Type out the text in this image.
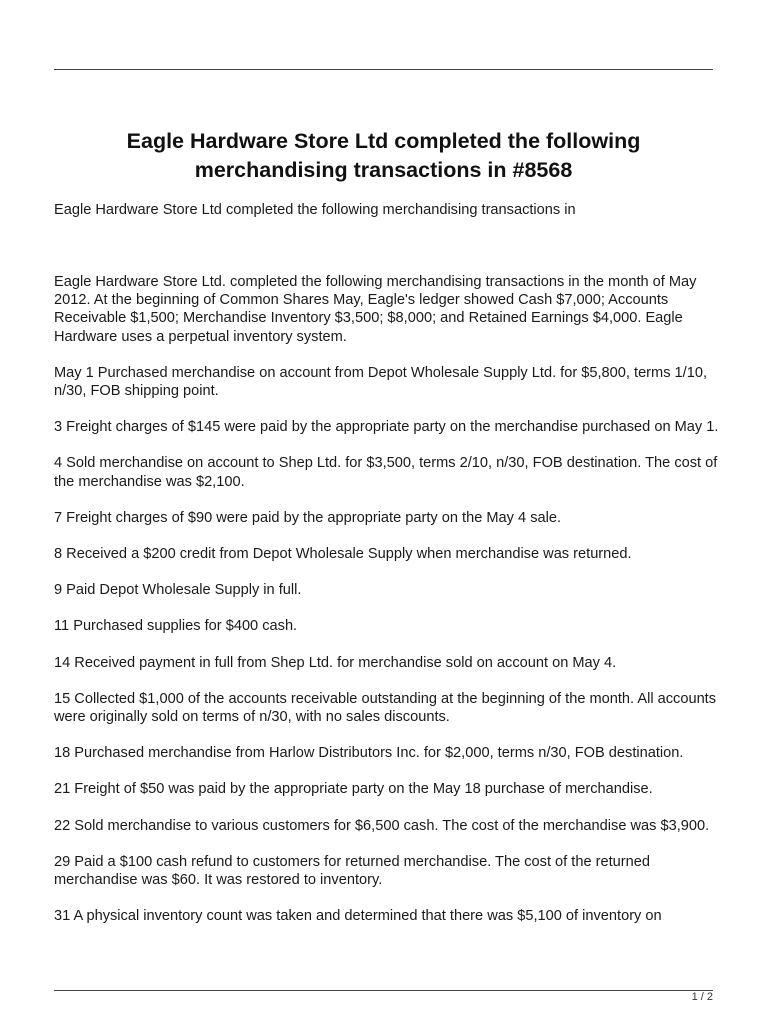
Eagle Hardware Store Ltd completed the following merchandising transactions in #8568

Eagle Hardware Store Ltd completed the following merchandising transactions in

Eagle Hardware Store Ltd. completed the following merchandising transactions in the month of May 2012. At the beginning of Common Shares May, Eagle's ledger showed Cash $7,000; Accounts Receivable $1,500; Merchandise Inventory $3,500; $8,000; and Retained Earnings $4,000. Eagle Hardware uses a perpetual inventory system.

May 1 Purchased merchandise on account from Depot Wholesale Supply Ltd. for $5,800, terms 1/10, n/30, FOB shipping point.

3 Freight charges of $145 were paid by the appropriate party on the merchandise purchased on May 1.

4 Sold merchandise on account to Shep Ltd. for $3,500, terms 2/10, n/30, FOB destination. The cost of the merchandise was $2,100.

7 Freight charges of $90 were paid by the appropriate party on the May 4 sale.

8 Received a $200 credit from Depot Wholesale Supply when merchandise was returned.

9 Paid Depot Wholesale Supply in full.

11 Purchased supplies for $400 cash.

14 Received payment in full from Shep Ltd. for merchandise sold on account on May 4.

15 Collected $1,000 of the accounts receivable outstanding at the beginning of the month. All accounts were originally sold on terms of n/30, with no sales discounts.

18 Purchased merchandise from Harlow Distributors Inc. for $2,000, terms n/30, FOB destination.

21 Freight of $50 was paid by the appropriate party on the May 18 purchase of merchandise.

22 Sold merchandise to various customers for $6,500 cash. The cost of the merchandise was $3,900.

29 Paid a $100 cash refund to customers for returned merchandise. The cost of the returned merchandise was $60. It was restored to inventory.

31 A physical inventory count was taken and determined that there was $5,100 of inventory on

1 / 2
